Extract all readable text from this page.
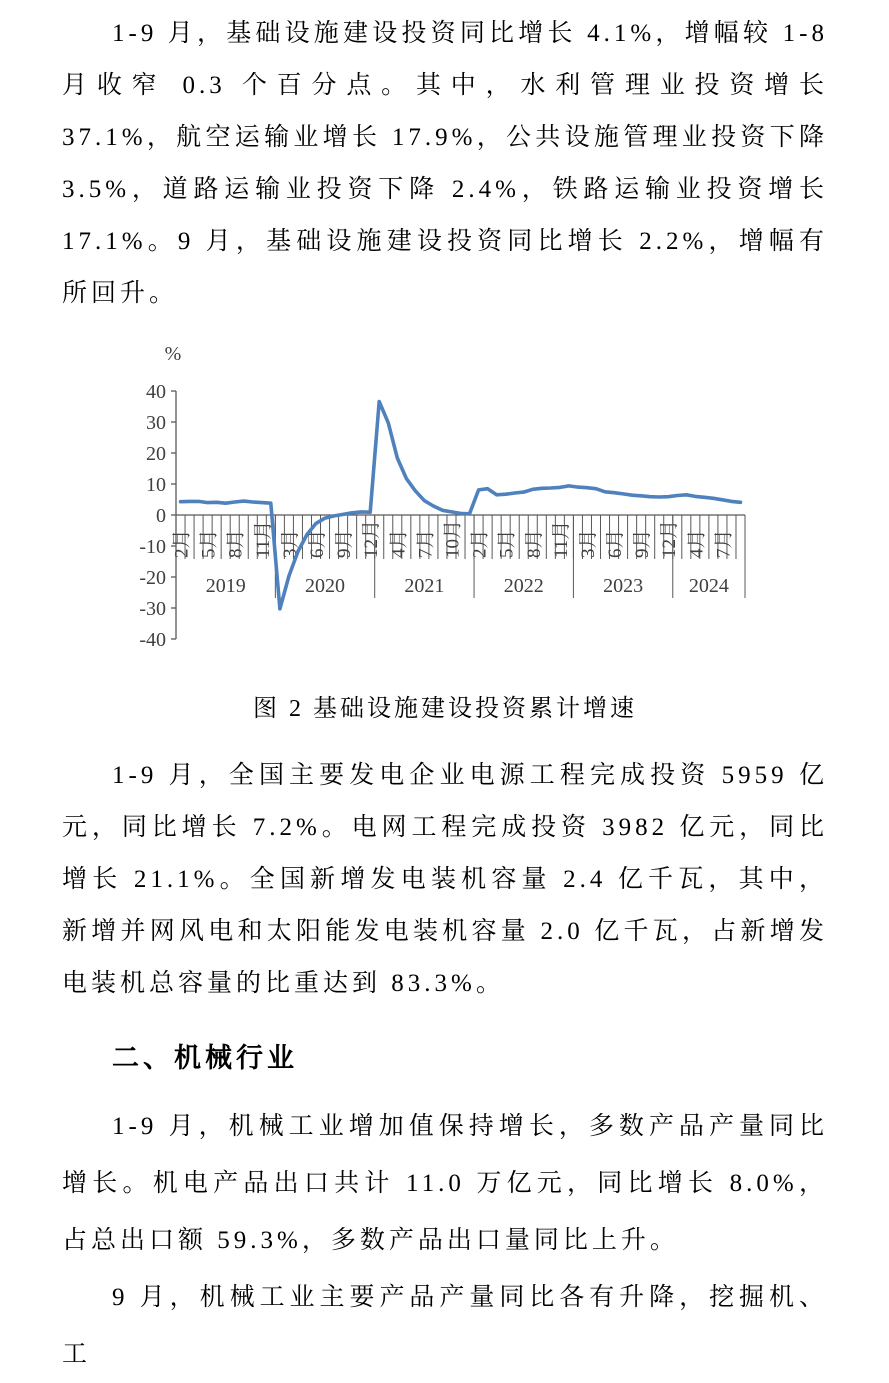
1-9 月，基础设施建设投资同比增长 4.1%，增幅较 1-8 月收窄 0.3 个百分点。其中，水利管理业投资增长 37.1%，航空运输业增长 17.9%，公共设施管理业投资下降 3.5%，道路运输业投资下降 2.4%，铁路运输业投资增长 17.1%。9 月，基础设施建设投资同比增长 2.2%，增幅有所回升。

40
30
20
10
0
-10
-20
-30
-40
%
2月 5月 8月 11月 3月 6月 9月 12月 4月 7月 10月 2月 5月 8月 11月 3月 6月 9月 12月 4月 7月
2019	2020	2021	2022	2023 2024
图 2 基础设施建设投资累计增速

1-9 月，全国主要发电企业电源工程完成投资 5959 亿元，同比增长 7.2%。电网工程完成投资 3982 亿元，同比增长 21.1%。全国新增发电装机容量 2.4 亿千瓦，其中，新增并网风电和太阳能发电装机容量 2.0 亿千瓦，占新增发电装机总容量的比重达到 83.3%。

二、机械行业

1-9 月，机械工业增加值保持增长，多数产品产量同比增长。机电产品出口共计 11.0 万亿元，同比增长 8.0%，占总出口额 59.3%，多数产品出口量同比上升。

9 月，机械工业主要产品产量同比各有升降，挖掘机、工
